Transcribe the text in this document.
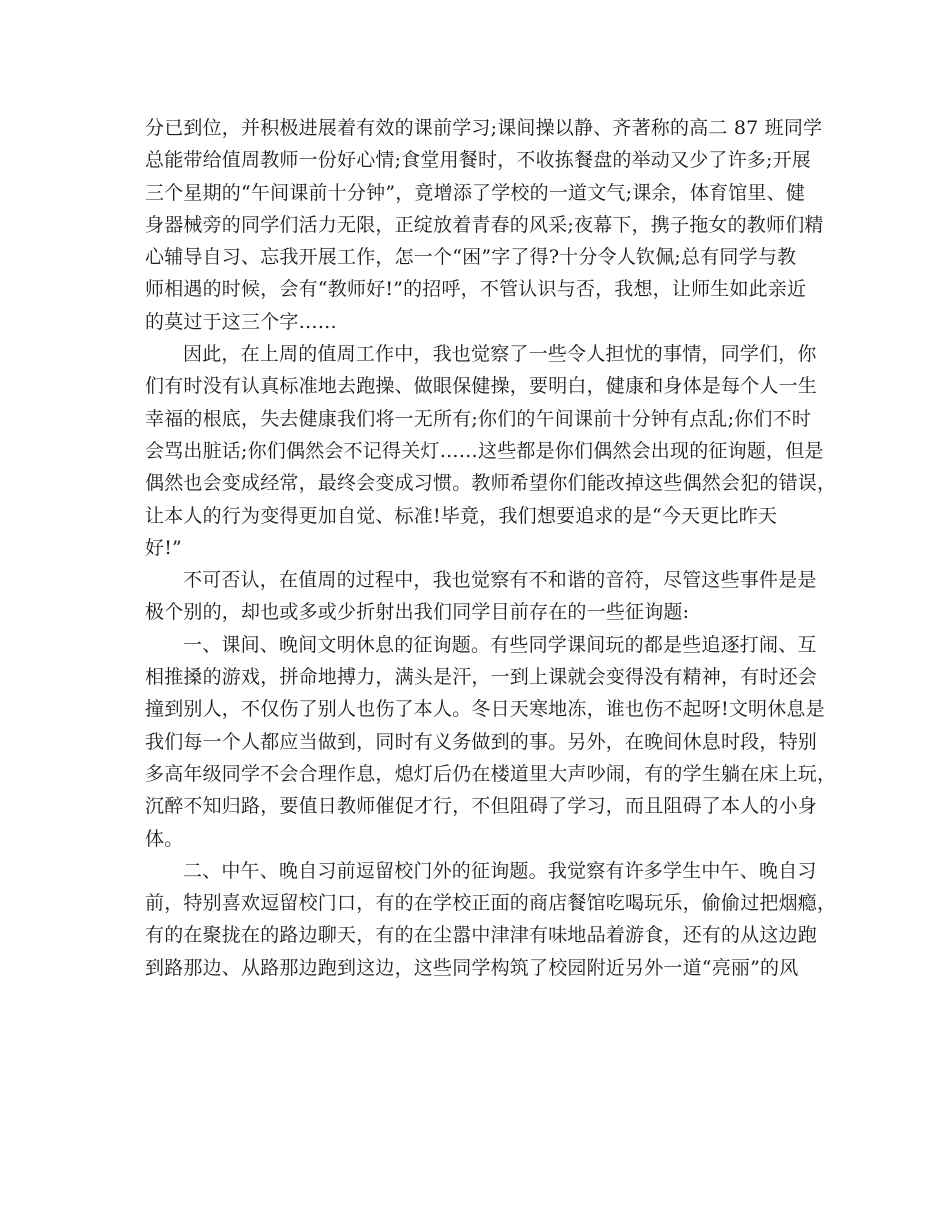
分已到位，并积极进展着有效的课前学习;课间操以静、齐著称的高二 87 班同学
总能带给值周教师一份好心情;食堂用餐时，不收拣餐盘的举动又少了许多;开展
三个星期的“午间课前十分钟”，竟增添了学校的一道文气;课余，体育馆里、健
身器械旁的同学们活力无限，正绽放着青春的风采;夜幕下，携子拖女的教师们精
心辅导自习、忘我开展工作，怎一个“困”字了得?十分令人钦佩;总有同学与教
师相遇的时候，会有“教师好!”的招呼，不管认识与否，我想，让师生如此亲近
的莫过于这三个字……
因此，在上周的值周工作中，我也觉察了一些令人担忧的事情，同学们，你
们有时没有认真标准地去跑操、做眼保健操，要明白，健康和身体是每个人一生
幸福的根底，失去健康我们将一无所有;你们的午间课前十分钟有点乱;你们不时
会骂出脏话;你们偶然会不记得关灯……这些都是你们偶然会出现的征询题，但是
偶然也会变成经常，最终会变成习惯。教师希望你们能改掉这些偶然会犯的错误，
让本人的行为变得更加自觉、标准!毕竟，我们想要追求的是“今天更比昨天
好!”
不可否认，在值周的过程中，我也觉察有不和谐的音符，尽管这些事件是是
极个别的，却也或多或少折射出我们同学目前存在的一些征询题:
一、课间、晚间文明休息的征询题。有些同学课间玩的都是些追逐打闹、互
相推搡的游戏，拼命地搏力，满头是汗，一到上课就会变得没有精神，有时还会
撞到别人，不仅伤了别人也伤了本人。冬日天寒地冻，谁也伤不起呀!文明休息是
我们每一个人都应当做到，同时有义务做到的事。另外，在晚间休息时段，特别
多高年级同学不会合理作息，熄灯后仍在楼道里大声吵闹，有的学生躺在床上玩，
沉醉不知归路，要值日教师催促才行，不但阻碍了学习，而且阻碍了本人的小身
体。
二、中午、晚自习前逗留校门外的征询题。我觉察有许多学生中午、晚自习
前，特别喜欢逗留校门口，有的在学校正面的商店餐馆吃喝玩乐，偷偷过把烟瘾，
有的在聚拢在的路边聊天，有的在尘嚣中津津有味地品着游食，还有的从这边跑
到路那边、从路那边跑到这边，这些同学构筑了校园附近另外一道“亮丽”的风
